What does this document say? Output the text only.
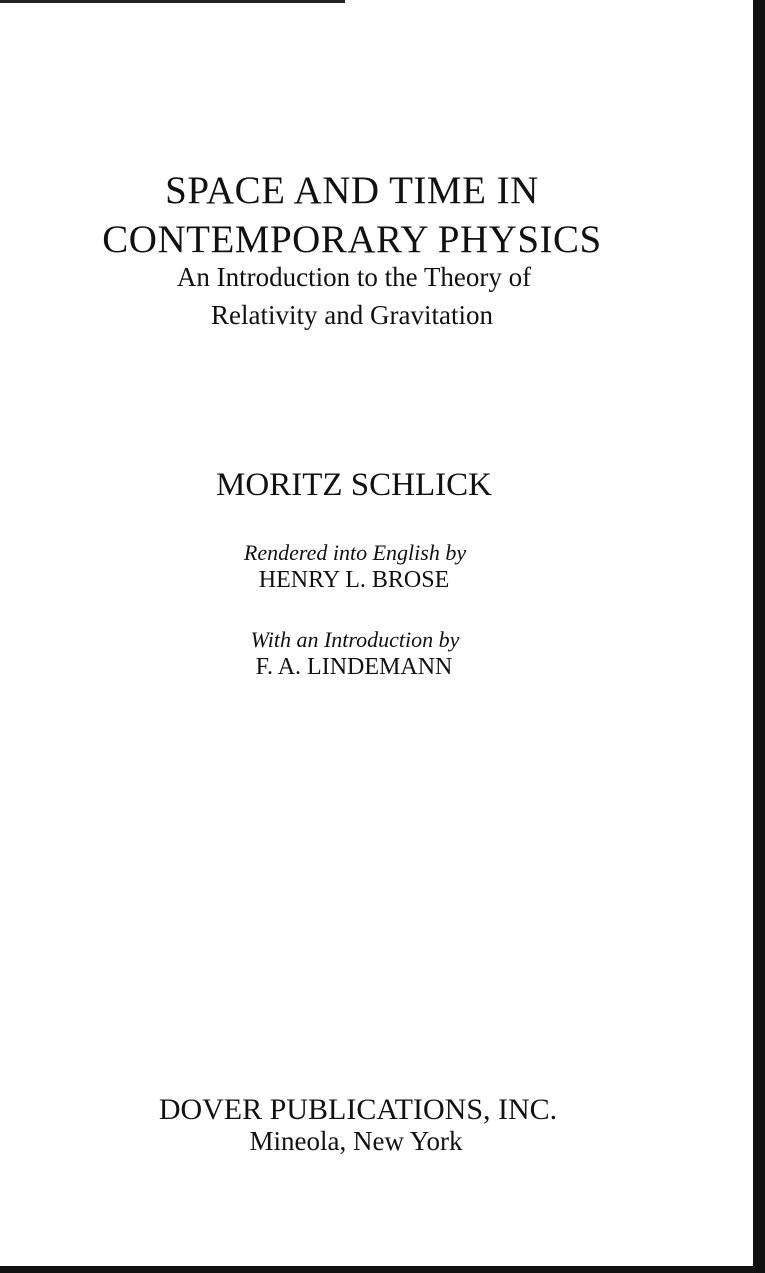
SPACE AND TIME IN
CONTEMPORARY PHYSICS
An Introduction to the Theory of
Relativity and Gravitation
MORITZ SCHLICK
Rendered into English by
HENRY L. BROSE
With an Introduction by
F. A. LINDEMANN
DOVER PUBLICATIONS, INC.
Mineola, New York
